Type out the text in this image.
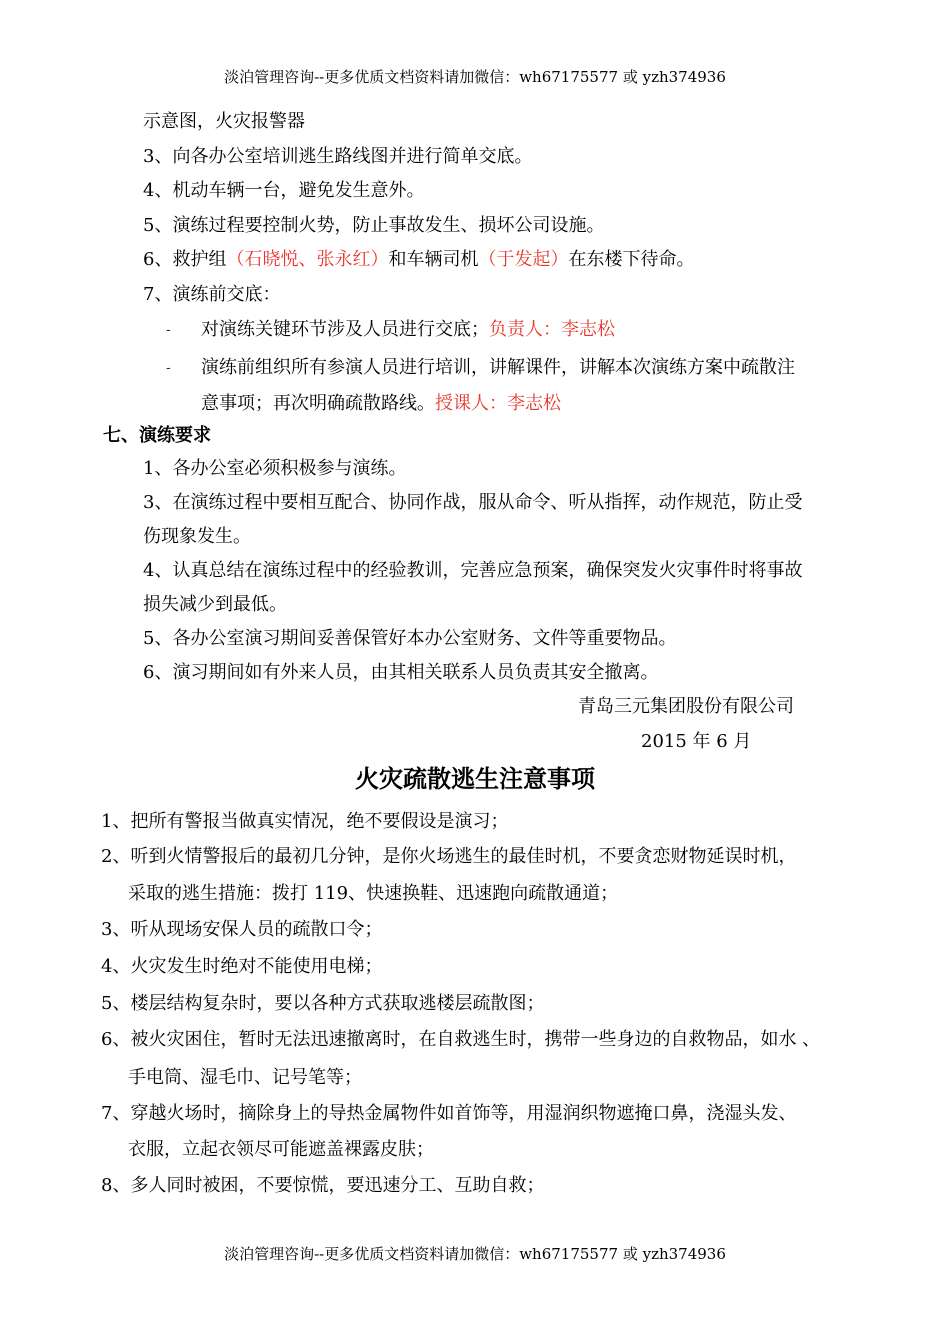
淡泊管理咨询--更多优质文档资料请加微信：wh67175577 或 yzh374936
示意图，火灾报警器
3、向各办公室培训逃生路线图并进行简单交底。
4、机动车辆一台，避免发生意外。
5、演练过程要控制火势，防止事故发生、损坏公司设施。
6、救护组（石晓悦、张永红）和车辆司机（于发起）在东楼下待命。
7、演练前交底：
- 对演练关键环节涉及人员进行交底；负责人：李志松
- 演练前组织所有参演人员进行培训，讲解课件，讲解本次演练方案中疏散注
意事项；再次明确疏散路线。授课人：李志松
七、演练要求
1、各办公室必须积极参与演练。
3、在演练过程中要相互配合、协同作战，服从命令、听从指挥，动作规范，防止受
伤现象发生。
4、认真总结在演练过程中的经验教训，完善应急预案，确保突发火灾事件时将事故
损失减少到最低。
5、各办公室演习期间妥善保管好本办公室财务、文件等重要物品。
6、演习期间如有外来人员，由其相关联系人员负责其安全撤离。
青岛三元集团股份有限公司
2015 年 6 月
火灾疏散逃生注意事项
1、把所有警报当做真实情况，绝不要假设是演习；
2、听到火情警报后的最初几分钟，是你火场逃生的最佳时机，不要贪恋财物延误时机，
采取的逃生措施：拨打 119、快速换鞋、迅速跑向疏散通道；
3、听从现场安保人员的疏散口令；
4、火灾发生时绝对不能使用电梯；
5、楼层结构复杂时，要以各种方式获取逃楼层疏散图；
6、被火灾困住，暂时无法迅速撤离时，在自救逃生时，携带一些身边的自救物品，如水 、
手电筒、湿毛巾、记号笔等；
7、穿越火场时，摘除身上的导热金属物件如首饰等，用湿润织物遮掩口鼻，浇湿头发、
衣服，立起衣领尽可能遮盖裸露皮肤；
8、多人同时被困，不要惊慌，要迅速分工、互助自救；
淡泊管理咨询--更多优质文档资料请加微信：wh67175577 或 yzh374936
